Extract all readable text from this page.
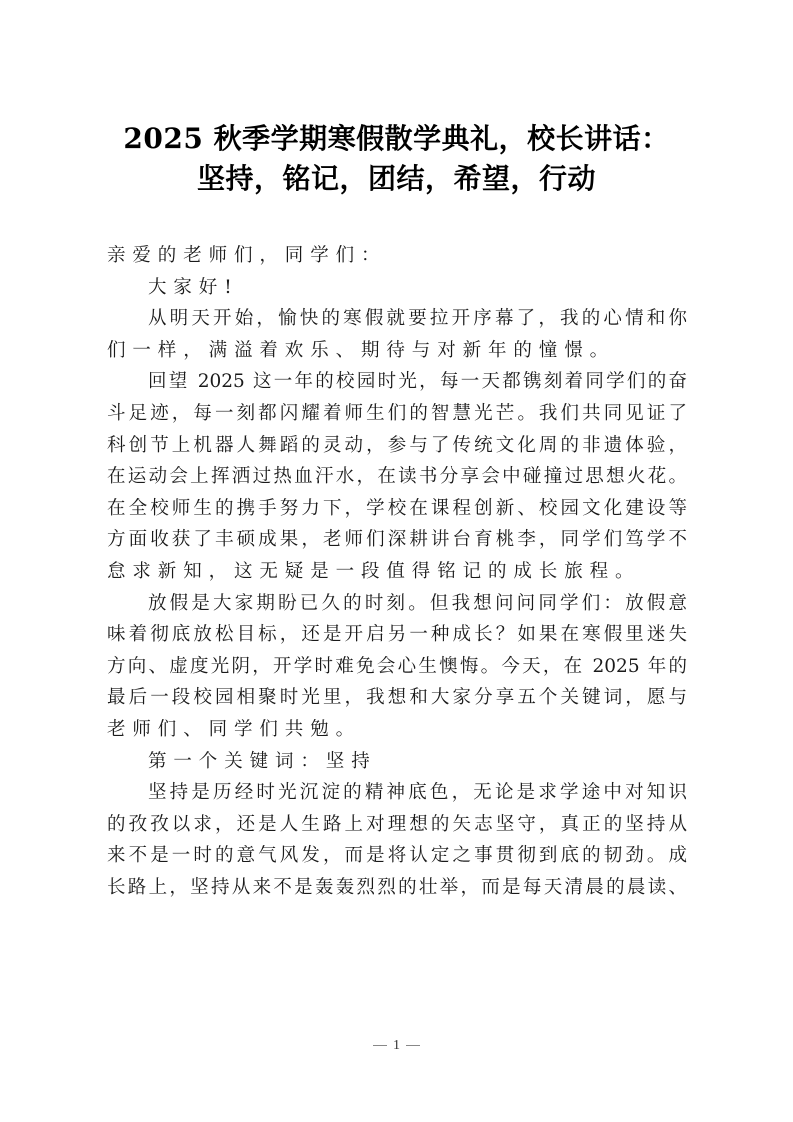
2025 秋季学期寒假散学典礼，校长讲话：
坚持，铭记，团结，希望，行动
亲爱的老师们，同学们：
大家好!
从明天开始，愉快的寒假就要拉开序幕了，我的心情和你
们一样，满溢着欢乐、期待与对新年的憧憬。
回望 2025 这一年的校园时光，每一天都镌刻着同学们的奋
斗足迹，每一刻都闪耀着师生们的智慧光芒。我们共同见证了
科创节上机器人舞蹈的灵动，参与了传统文化周的非遗体验，
在运动会上挥洒过热血汗水，在读书分享会中碰撞过思想火花。
在全校师生的携手努力下，学校在课程创新、校园文化建设等
方面收获了丰硕成果，老师们深耕讲台育桃李，同学们笃学不
怠求新知，这无疑是一段值得铭记的成长旅程。
放假是大家期盼已久的时刻。但我想问问同学们：放假意
味着彻底放松目标，还是开启另一种成长？如果在寒假里迷失
方向、虚度光阴，开学时难免会心生懊悔。今天，在 2025 年的
最后一段校园相聚时光里，我想和大家分享五个关键词，愿与
老师们、同学们共勉。
第一个关键词：坚持
坚持是历经时光沉淀的精神底色，无论是求学途中对知识
的孜孜以求，还是人生路上对理想的矢志坚守，真正的坚持从
来不是一时的意气风发，而是将认定之事贯彻到底的韧劲。成
长路上，坚持从来不是轰轰烈烈的壮举，而是每天清晨的晨读、
1
